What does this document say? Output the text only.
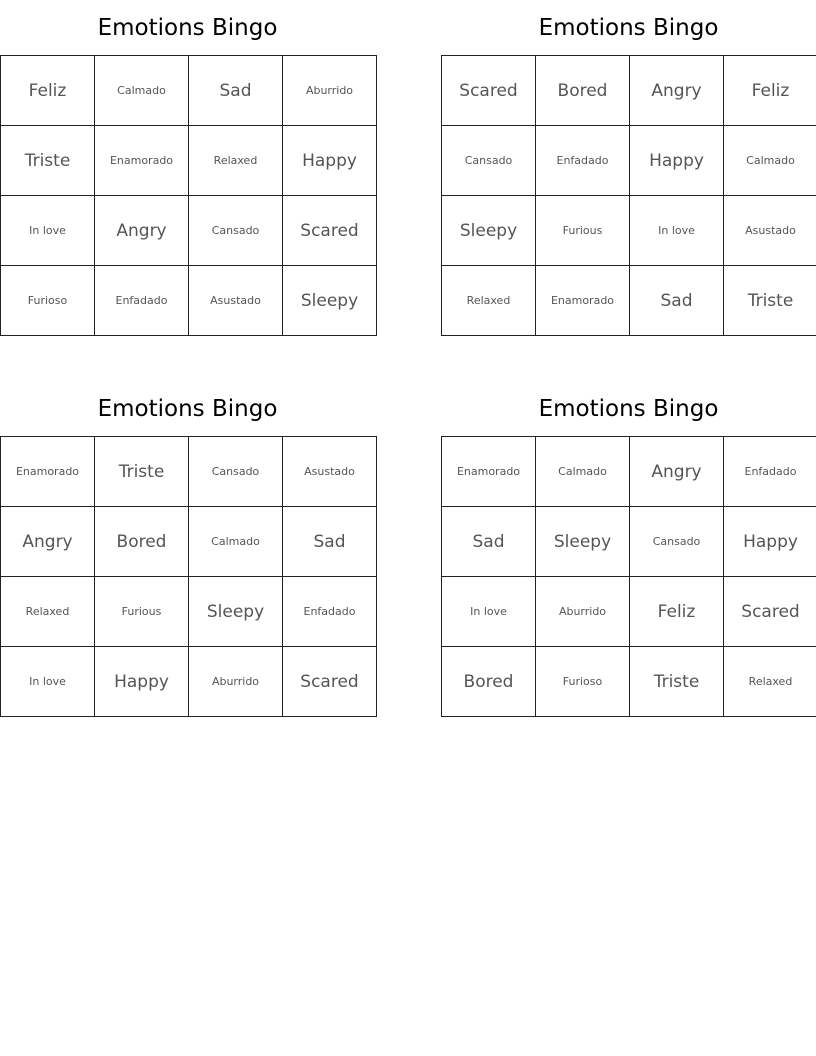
Emotions Bingo
Feliz	Calmado	Sad	Aburrido
Triste	Enamorado	Relaxed	Happy
In love	Angry	Cansado	Scared
Furioso	Enfadado	Asustado	Sleepy
Emotions Bingo
Scared	Bored	Angry	Feliz
Cansado	Enfadado	Happy	Calmado
Sleepy	Furious	In love	Asustado
Relaxed	Enamorado	Sad	Triste
Emotions Bingo
Enamorado	Triste	Cansado	Asustado
Angry	Bored	Calmado	Sad
Relaxed	Furious	Sleepy	Enfadado
In love	Happy	Aburrido	Scared
Emotions Bingo
Enamorado	Calmado	Angry	Enfadado
Sad	Sleepy	Cansado	Happy
In love	Aburrido	Feliz	Scared
Bored	Furioso	Triste	Relaxed
